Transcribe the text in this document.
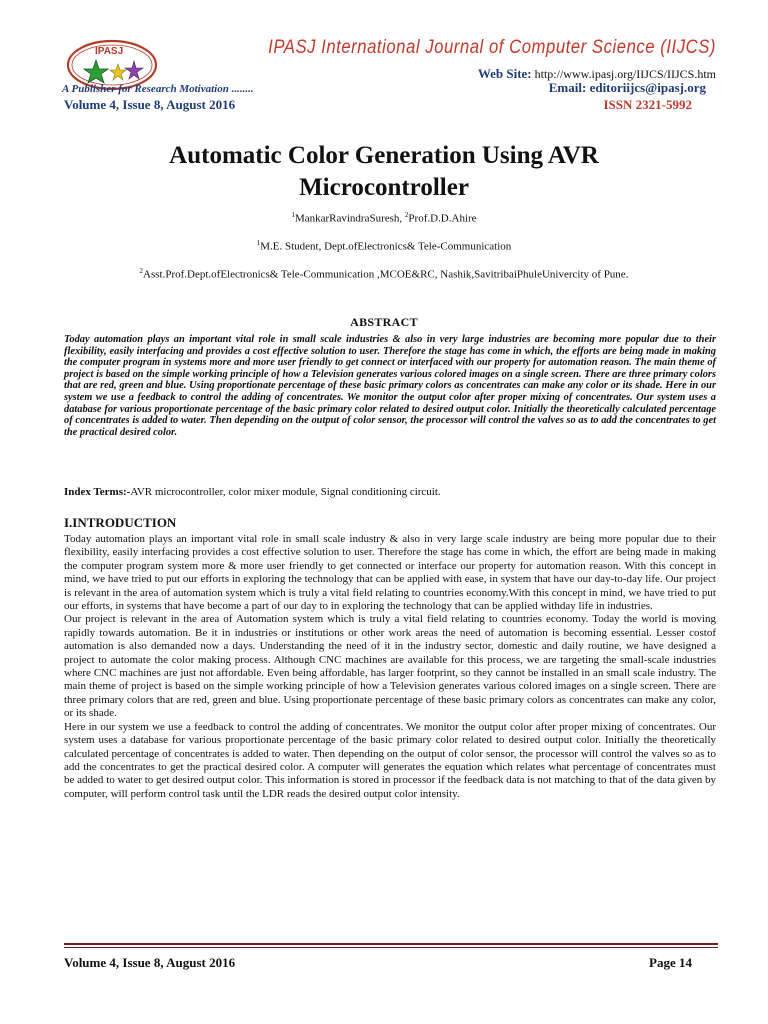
IPASJ	IPASJ International Journal of Computer Science (IIJCS)
Web Site: http://www.ipasj.org/IIJCS/IIJCS.htm
A Publisher for Research Motivation ........	Email: editoriijcs@ipasj.org
Volume 4, Issue 8, August 2016	ISSN 2321-5992
Automatic Color Generation Using AVR
Microcontroller
$^1$MankarRavindraSuresh, $^2$Prof.D.D.Ahire
$^1$M.E. Student, Dept.ofElectronics& Tele-Communication
$^2$Asst.Prof.Dept.ofElectronics& Tele-Communication ,MCOE&RC, Nashik,SavitribaiPhuleUnivercity of Pune.
ABSTRACT
Today automation plays an important vital role in small scale industries & also in very large industries are becoming more popular due to their flexibility, easily interfacing and provides a cost effective solution to user. Therefore the stage has come in which, the efforts are being made in making the computer program in systems more and more user friendly to get connect or interfaced with our property for automation reason. The main theme of project is based on the simple working principle of how a Television generates various colored images on a single screen. There are three primary colors that are red, green and blue. Using proportionate percentage of these basic primary colors as concentrates can make any color or its shade. Here in our system we use a feedback to control the adding of concentrates. We monitor the output color after proper mixing of concentrates. Our system uses a database for various proportionate percentage of the basic primary color related to desired output color. Initially the theoretically calculated percentage of concentrates is added to water. Then depending on the output of color sensor, the processor will control the valves so as to add the concentrates to get the practical desired color.
Index Terms:-AVR microcontroller, color mixer module, Signal conditioning circuit.
I.INTRODUCTION

Today automation plays an important vital role in small scale industry & also in very large scale industry are being more popular due to their flexibility, easily interfacing provides a cost effective solution to user. Therefore the stage has come in which, the effort are being made in making the computer program system more & more user friendly to get connected or interface our property for automation reason. With this concept in mind, we have tried to put our efforts in exploring the technology that can be applied with ease, in system that have our day-to-day life. Our project is relevant in the area of automation system which is truly a vital field relating to countries economy.With this concept in mind, we have tried to put our efforts, in systems that have become a part of our day to in exploring the technology that can be applied withday life in industries.

Our project is relevant in the area of Automation system which is truly a vital field relating to countries economy. Today the world is moving rapidly towards automation. Be it in industries or institutions or other work areas the need of automation is becoming essential. Lesser costof automation is also demanded now a days. Understanding the need of it in the industry sector, domestic and daily routine, we have designed a project to automate the color making process. Although CNC machines are available for this process, we are targeting the small-scale industries where CNC machines are just not affordable. Even being affordable, has larger footprint, so they cannot be installed in an small scale industry. The main theme of project is based on the simple working principle of how a Television generates various colored images on a single screen. There are three primary colors that are red, green and blue. Using proportionate percentage of these basic primary colors as concentrates can make any color, or its shade.

Here in our system we use a feedback to control the adding of concentrates. We monitor the output color after proper mixing of concentrates. Our system uses a database for various proportionate percentage of the basic primary color related to desired output color. Initially the theoretically calculated percentage of concentrates is added to water. Then depending on the output of color sensor, the processor will control the valves so as to add the concentrates to get the practical desired color. A computer will generates the equation which relates what percentage of concentrates must be added to water to get desired output color. This information is stored in processor if the feedback data is not matching to that of the data given by computer, will perform control task until the LDR reads the desired output color intensity.

Volume 4, Issue 8, August 2016	Page 14
